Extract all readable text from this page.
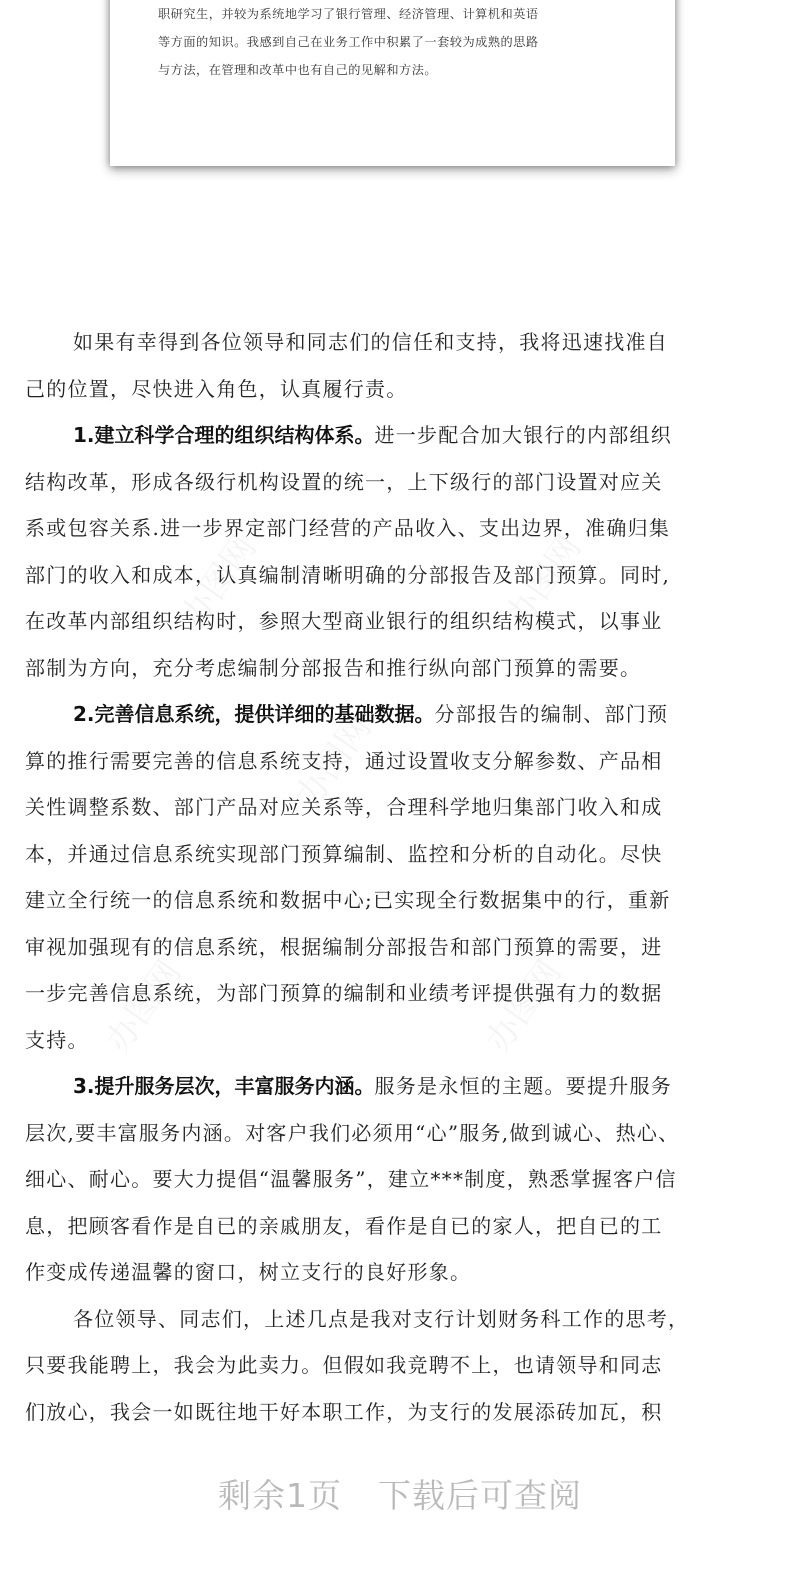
职研究生，并较为系统地学习了银行管理、经济管理、计算机和英语
等方面的知识。我感到自己在业务工作中积累了一套较为成熟的思路
与方法，在管理和改革中也有自己的见解和方法。
如果有幸得到各位领导和同志们的信任和支持，我将迅速找准自
己的位置，尽快进入角色，认真履行责。
1.建立科学合理的组织结构体系。进一步配合加大银行的内部组织
结构改革，形成各级行机构设置的统一，上下级行的部门设置对应关
系或包容关系.进一步界定部门经营的产品收入、支出边界，准确归集
部门的收入和成本，认真编制清晰明确的分部报告及部门预算。同时,
在改革内部组织结构时，参照大型商业银行的组织结构模式，以事业
部制为方向，充分考虑编制分部报告和推行纵向部门预算的需要。
2.完善信息系统，提供详细的基础数据。分部报告的编制、部门预
算的推行需要完善的信息系统支持，通过设置收支分解参数、产品相
关性调整系数、部门产品对应关系等，合理科学地归集部门收入和成
本，并通过信息系统实现部门预算编制、监控和分析的自动化。尽快
建立全行统一的信息系统和数据中心;已实现全行数据集中的行，重新
审视加强现有的信息系统，根据编制分部报告和部门预算的需要，进
一步完善信息系统，为部门预算的编制和业绩考评提供强有力的数据
支持。
3.提升服务层次，丰富服务内涵。服务是永恒的主题。要提升服务
层次,要丰富服务内涵。对客户我们必须用“心”服务,做到诚心、热心、
细心、耐心。要大力提倡“温馨服务”，建立***制度，熟悉掌握客户信
息，把顾客看作是自已的亲戚朋友，看作是自已的家人，把自已的工
作变成传递温馨的窗口，树立支行的良好形象。
各位领导、同志们，上述几点是我对支行计划财务科工作的思考，
只要我能聘上，我会为此卖力。但假如我竞聘不上，也请领导和同志
们放心，我会一如既往地干好本职工作，为支行的发展添砖加瓦，积
剩余1页 下载后可查阅
